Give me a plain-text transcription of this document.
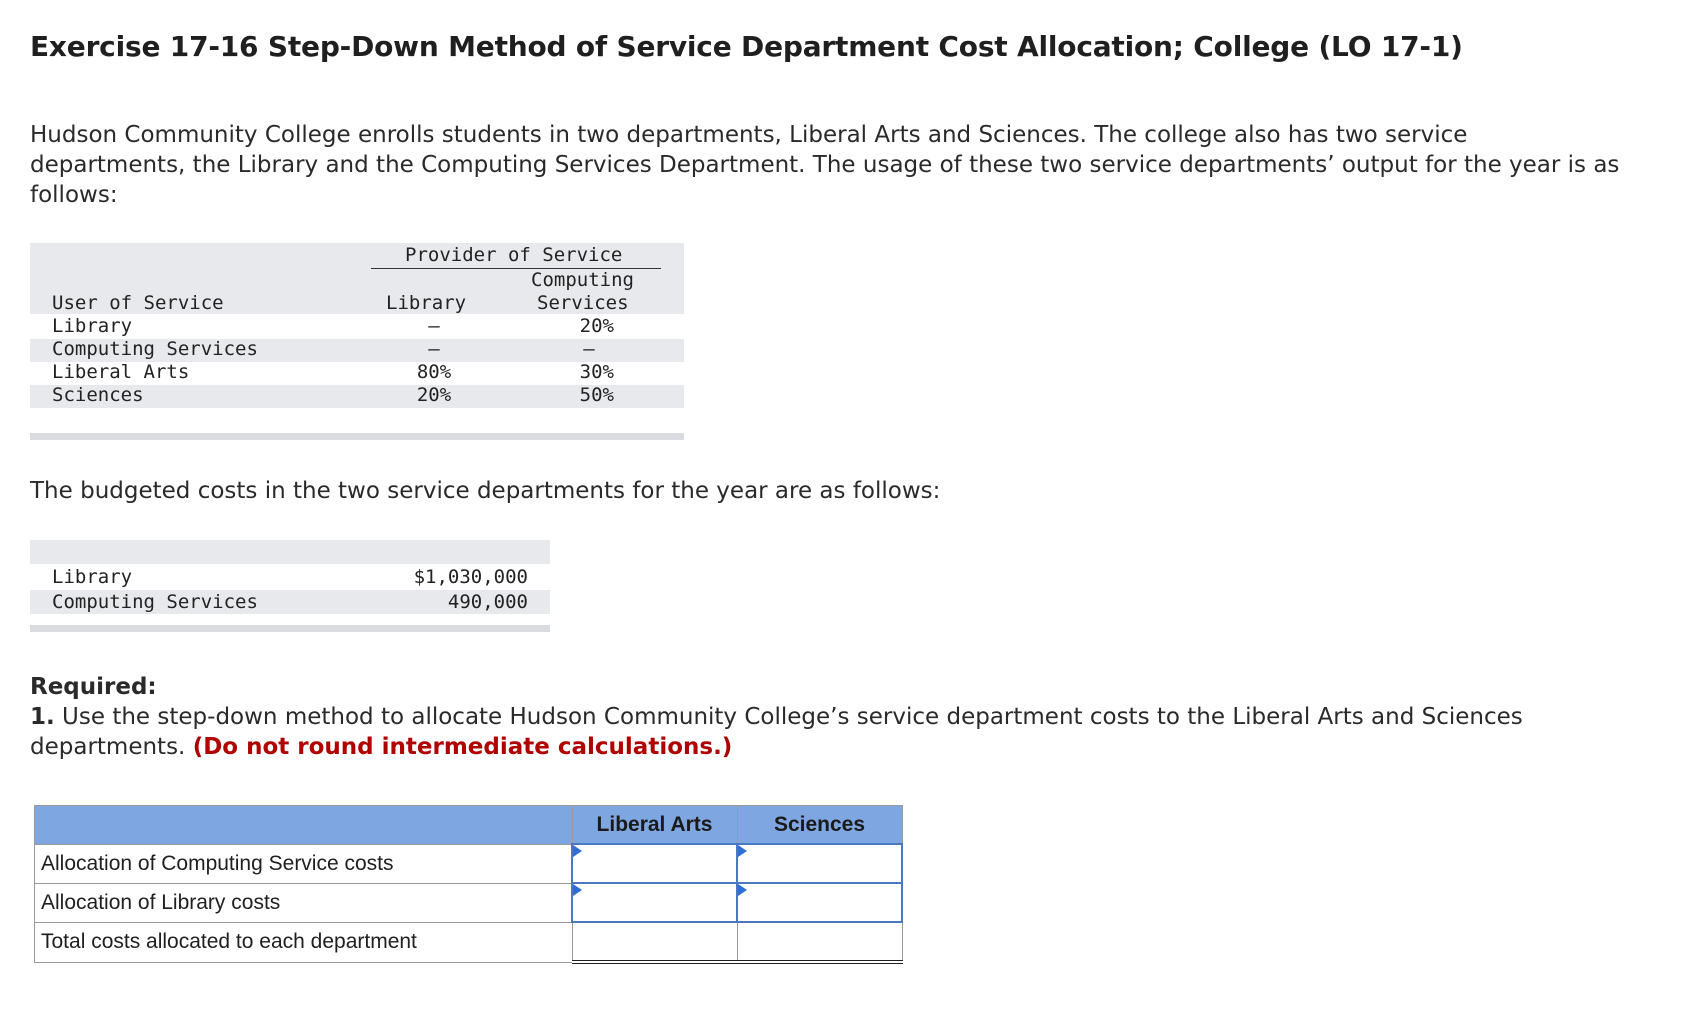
Exercise 17-16 Step-Down Method of Service Department Cost Allocation; College (LO 17-1)
Hudson Community College enrolls students in two departments, Liberal Arts and Sciences. The college also has two service departments, the Library and the Computing Services Department. The usage of these two service departments’ output for the year is as follows:
Provider of Service
Computing
User of Service	Library	Services
Library	–	20%
Computing Services	–	–
Liberal Arts	80%	30%
Sciences	20%	50%
The budgeted costs in the two service departments for the year are as follows:
Library	$1,030,000
Computing Services	490,000
Required:
1. Use the step-down method to allocate Hudson Community College’s service department costs to the Liberal Arts and Sciences departments. (Do not round intermediate calculations.)
	Liberal Arts	Sciences
Allocation of Computing Service costs	

Allocation of Library costs	

Total costs allocated to each department		
